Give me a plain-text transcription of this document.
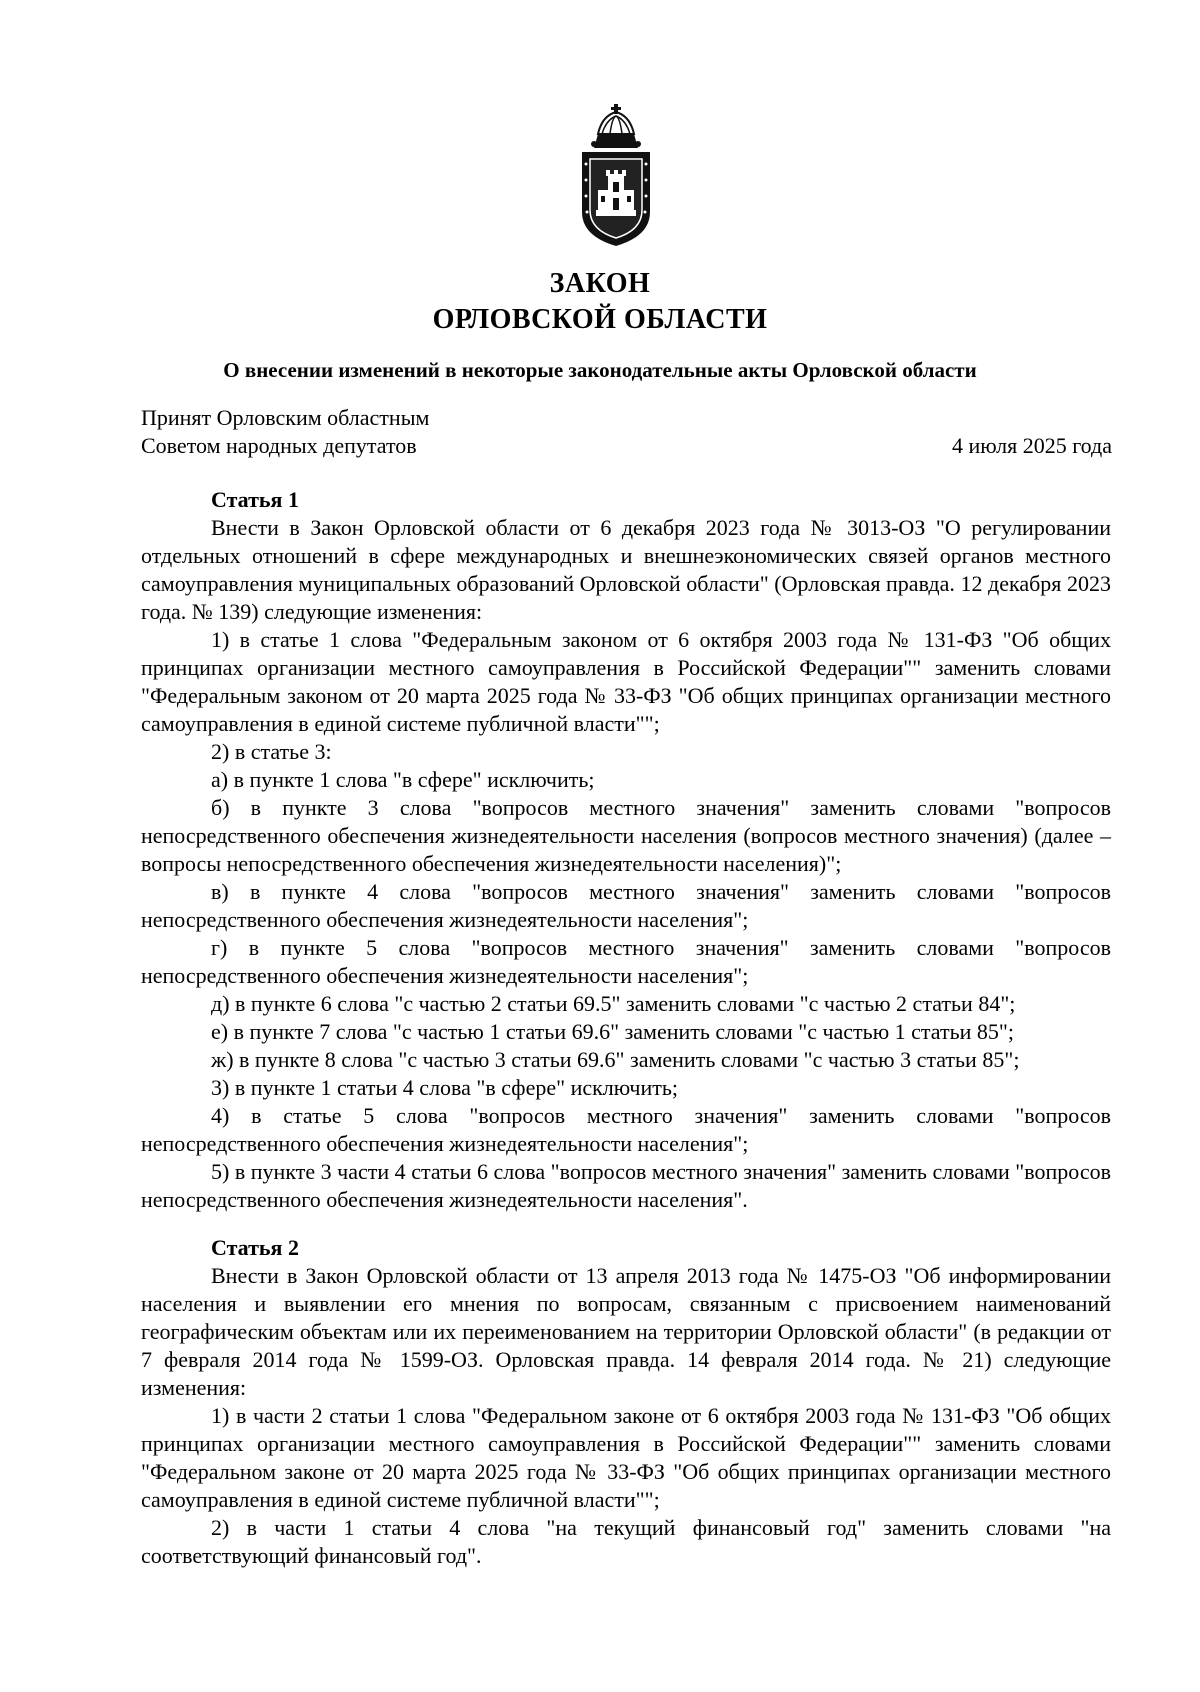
ЗАКОН
ОРЛОВСКОЙ ОБЛАСТИ
О внесении изменений в некоторые законодательные акты Орловской области
Принят Орловским областным
Советом народных депутатов	4 июля 2025 года

Статья 1

Внести в Закон Орловской области от 6 декабря 2023 года № 3013-ОЗ "О регулировании отдельных отношений в сфере международных и внешнеэкономических связей органов местного самоуправления муниципальных образований Орловской области" (Орловская правда. 12 декабря 2023 года. № 139) следующие изменения:

1) в статье 1 слова "Федеральным законом от 6 октября 2003 года № 131-ФЗ "Об общих принципах организации местного самоуправления в Российской Федерации"" заменить словами "Федеральным законом от 20 марта 2025 года № 33-ФЗ "Об общих принципах организации местного самоуправления в единой системе публичной власти"";

2) в статье 3:

а) в пункте 1 слова "в сфере" исключить;

б) в пункте 3 слова "вопросов местного значения" заменить словами "вопросов непосредственного обеспечения жизнедеятельности населения (вопросов местного значения) (далее – вопросы непосредственного обеспечения жизнедеятельности населения)";

в) в пункте 4 слова "вопросов местного значения" заменить словами "вопросов непосредственного обеспечения жизнедеятельности населения";

г) в пункте 5 слова "вопросов местного значения" заменить словами "вопросов непосредственного обеспечения жизнедеятельности населения";

д) в пункте 6 слова "с частью 2 статьи 69.5" заменить словами "с частью 2 статьи 84";

е) в пункте 7 слова "с частью 1 статьи 69.6" заменить словами "с частью 1 статьи 85";

ж) в пункте 8 слова "с частью 3 статьи 69.6" заменить словами "с частью 3 статьи 85";

3) в пункте 1 статьи 4 слова "в сфере" исключить;

4) в статье 5 слова "вопросов местного значения" заменить словами "вопросов непосредственного обеспечения жизнедеятельности населения";

5) в пункте 3 части 4 статьи 6 слова "вопросов местного значения" заменить словами "вопросов непосредственного обеспечения жизнедеятельности населения".

Статья 2

Внести в Закон Орловской области от 13 апреля 2013 года № 1475-ОЗ "Об информировании населения и выявлении его мнения по вопросам, связанным с присвоением наименований географическим объектам или их переименованием на территории Орловской области" (в редакции от 7 февраля 2014 года № 1599-ОЗ. Орловская правда. 14 февраля 2014 года. № 21) следующие изменения:

1) в части 2 статьи 1 слова "Федеральном законе от 6 октября 2003 года № 131-ФЗ "Об общих принципах организации местного самоуправления в Российской Федерации"" заменить словами "Федеральном законе от 20 марта 2025 года № 33-ФЗ "Об общих принципах организации местного самоуправления в единой системе публичной власти"";

2) в части 1 статьи 4 слова "на текущий финансовый год" заменить словами "на соответствующий финансовый год".
